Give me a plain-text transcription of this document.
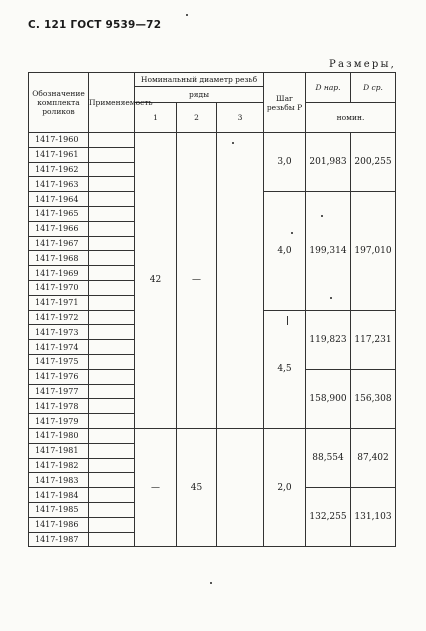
С. 121 ГОСТ 9539—72
Размеры,
Обозначение комплекта роликов	Применяемость	Номинальный диаметр резьб			Шаг резьбы P	D нар.	D ср.
		ряды					
		1	2	3		номин.	
1417-1960		42	—		3,0	201,983	200,255
1417-1961							
1417-1962							
1417-1963							
1417-1964					4,0	199,314	197,010
1417-1965							
1417-1966							
1417-1967							
1417-1968							
1417-1969							
1417-1970							
1417-1971							
1417-1972					4,5	119,823	117,231
1417-1973							
1417-1974							
1417-1975							
1417-1976						158,900	156,308
1417-1977							
1417-1978							
1417-1979							
1417-1980		—	45		2,0	88,554	87,402
1417-1981							
1417-1982							
1417-1983							
1417-1984						132,255	131,103
1417-1985							
1417-1986							
1417-1987							
